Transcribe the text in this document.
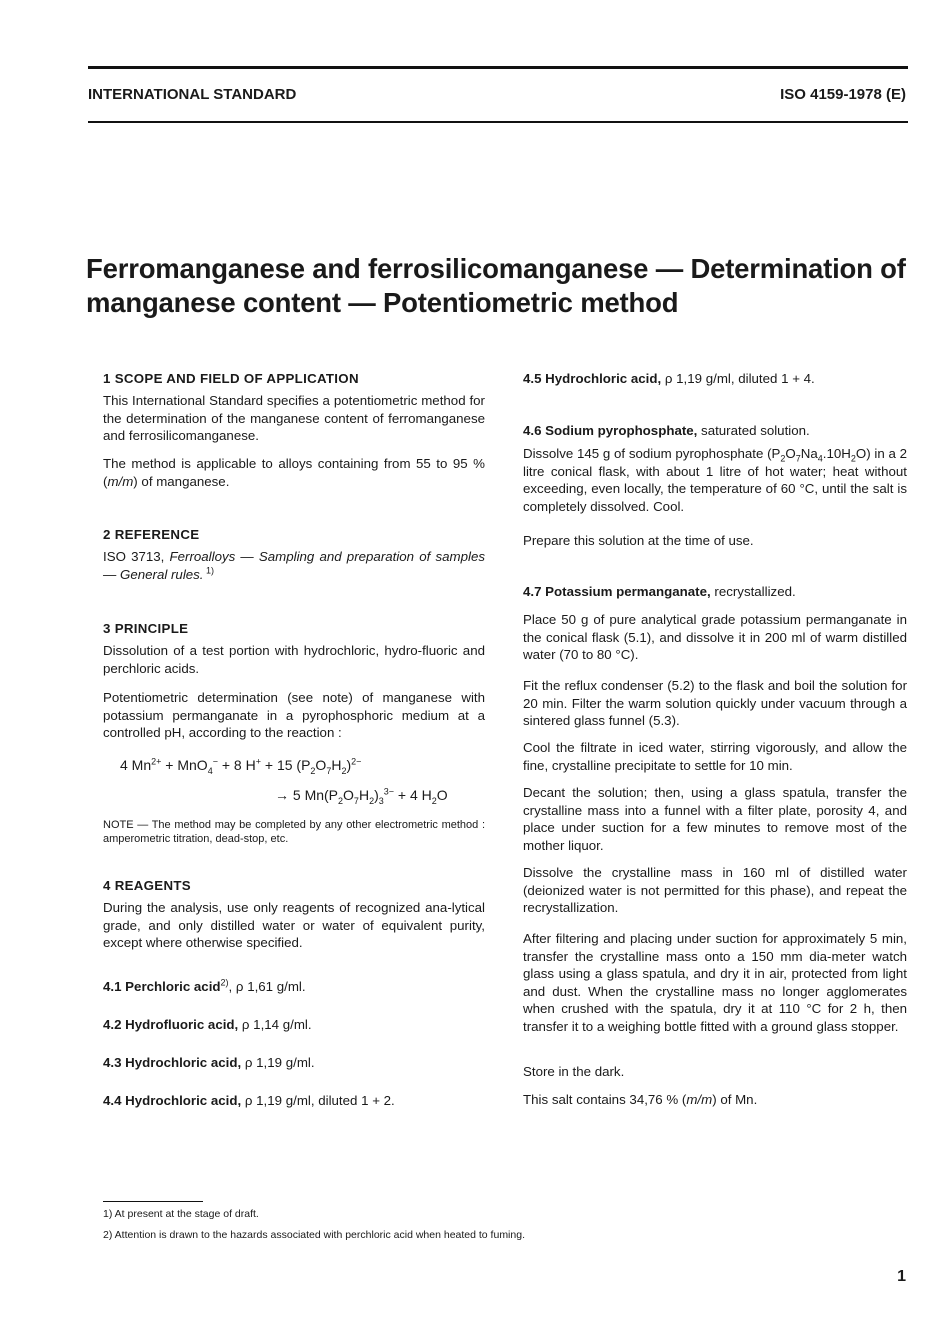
INTERNATIONAL STANDARD	ISO 4159-1978 (E)
Ferromanganese and ferrosilicomanganese — Determination of manganese content — Potentiometric method
1 SCOPE AND FIELD OF APPLICATION
This International Standard specifies a potentiometric method for the determination of the manganese content of ferromanganese and ferrosilicomanganese.
The method is applicable to alloys containing from 55 to 95 % (m/m) of manganese.
2 REFERENCE
ISO 3713, Ferroalloys — Sampling and preparation of samples — General rules. $^{1)}$
3 PRINCIPLE
Dissolution of a test portion with hydrochloric, hydro-fluoric and perchloric acids.
Potentiometric determination (see note) of manganese with potassium permanganate in a pyrophosphoric medium at a controlled pH, according to the reaction :
4 $Mn^{2+} + MnO_4^- + 8$ H+ + 15 $(P_2O_7H_2)^{2-}$
→ 5 $Mn(P_2O_7H_2)_3^{3-} + 4$ $H_2O$
NOTE — The method may be completed by any other electrometric method : amperometric titration, dead-stop, etc.
4 REAGENTS
During the analysis, use only reagents of recognized ana-lytical grade, and only distilled water or water of equivalent purity, except where otherwise specified.
4.1 Perchloric acid$^{2)}$, ρ 1,61 g/ml.
4.2 Hydrofluoric acid, ρ 1,14 g/ml.
4.3 Hydrochloric acid, ρ 1,19 g/ml.
4.4 Hydrochloric acid, ρ 1,19 g/ml, diluted 1 + 2.
4.5 Hydrochloric acid, ρ 1,19 g/ml, diluted 1 + 4.
4.6 Sodium pyrophosphate, saturated solution.
Dissolve 145 g of sodium pyrophosphate $(P_2O_7Na_4.10H_2O)$ in a 2 litre conical flask, with about 1 litre of hot water; heat without exceeding, even locally, the temperature of 60 °C, until the salt is completely dissolved. Cool.
Prepare this solution at the time of use.
4.7 Potassium permanganate, recrystallized.
Place 50 g of pure analytical grade potassium permanganate in the conical flask (5.1), and dissolve it in 200 ml of warm distilled water (70 to 80 °C).
Fit the reflux condenser (5.2) to the flask and boil the solution for 20 min. Filter the warm solution quickly under vacuum through a sintered glass funnel (5.3).
Cool the filtrate in iced water, stirring vigorously, and allow the fine, crystalline precipitate to settle for 10 min.
Decant the solution; then, using a glass spatula, transfer the crystalline mass into a funnel with a filter plate, porosity 4, and place under suction for a few minutes to remove most of the mother liquor.
Dissolve the crystalline mass in 160 ml of distilled water (deionized water is not permitted for this phase), and repeat the recrystallization.
After filtering and placing under suction for approximately 5 min, transfer the crystalline mass onto a 150 mm dia-meter watch glass using a glass spatula, and dry it in air, protected from light and dust. When the crystalline mass no longer agglomerates when crushed with the spatula, dry it at 110 °C for 2 h, then transfer it to a weighing bottle fitted with a ground glass stopper.
Store in the dark.
This salt contains 34,76 % (m/m) of Mn.
1) At present at the stage of draft.
2) Attention is drawn to the hazards associated with perchloric acid when heated to fuming.
1
